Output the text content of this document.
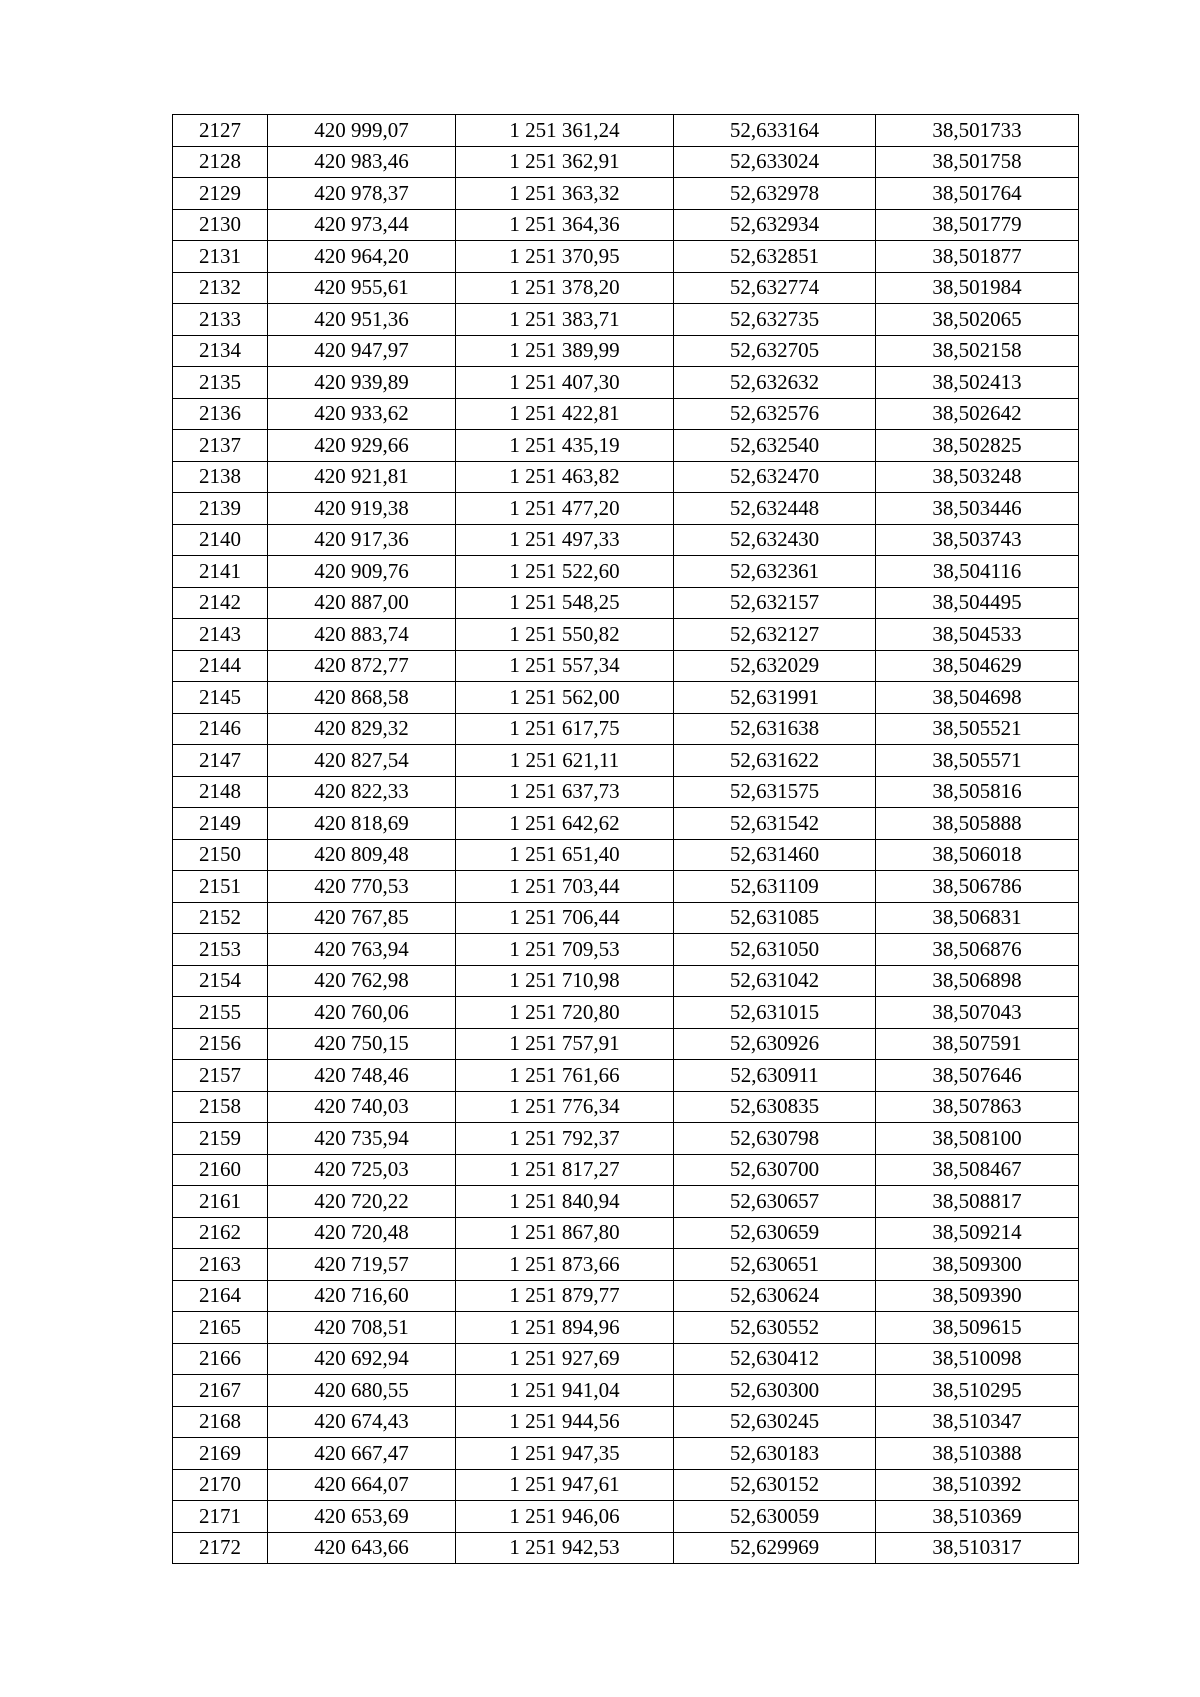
2127	420 999,07	1 251 361,24	52,633164	38,501733
2128	420 983,46	1 251 362,91	52,633024	38,501758
2129	420 978,37	1 251 363,32	52,632978	38,501764
2130	420 973,44	1 251 364,36	52,632934	38,501779
2131	420 964,20	1 251 370,95	52,632851	38,501877
2132	420 955,61	1 251 378,20	52,632774	38,501984
2133	420 951,36	1 251 383,71	52,632735	38,502065
2134	420 947,97	1 251 389,99	52,632705	38,502158
2135	420 939,89	1 251 407,30	52,632632	38,502413
2136	420 933,62	1 251 422,81	52,632576	38,502642
2137	420 929,66	1 251 435,19	52,632540	38,502825
2138	420 921,81	1 251 463,82	52,632470	38,503248
2139	420 919,38	1 251 477,20	52,632448	38,503446
2140	420 917,36	1 251 497,33	52,632430	38,503743
2141	420 909,76	1 251 522,60	52,632361	38,504116
2142	420 887,00	1 251 548,25	52,632157	38,504495
2143	420 883,74	1 251 550,82	52,632127	38,504533
2144	420 872,77	1 251 557,34	52,632029	38,504629
2145	420 868,58	1 251 562,00	52,631991	38,504698
2146	420 829,32	1 251 617,75	52,631638	38,505521
2147	420 827,54	1 251 621,11	52,631622	38,505571
2148	420 822,33	1 251 637,73	52,631575	38,505816
2149	420 818,69	1 251 642,62	52,631542	38,505888
2150	420 809,48	1 251 651,40	52,631460	38,506018
2151	420 770,53	1 251 703,44	52,631109	38,506786
2152	420 767,85	1 251 706,44	52,631085	38,506831
2153	420 763,94	1 251 709,53	52,631050	38,506876
2154	420 762,98	1 251 710,98	52,631042	38,506898
2155	420 760,06	1 251 720,80	52,631015	38,507043
2156	420 750,15	1 251 757,91	52,630926	38,507591
2157	420 748,46	1 251 761,66	52,630911	38,507646
2158	420 740,03	1 251 776,34	52,630835	38,507863
2159	420 735,94	1 251 792,37	52,630798	38,508100
2160	420 725,03	1 251 817,27	52,630700	38,508467
2161	420 720,22	1 251 840,94	52,630657	38,508817
2162	420 720,48	1 251 867,80	52,630659	38,509214
2163	420 719,57	1 251 873,66	52,630651	38,509300
2164	420 716,60	1 251 879,77	52,630624	38,509390
2165	420 708,51	1 251 894,96	52,630552	38,509615
2166	420 692,94	1 251 927,69	52,630412	38,510098
2167	420 680,55	1 251 941,04	52,630300	38,510295
2168	420 674,43	1 251 944,56	52,630245	38,510347
2169	420 667,47	1 251 947,35	52,630183	38,510388
2170	420 664,07	1 251 947,61	52,630152	38,510392
2171	420 653,69	1 251 946,06	52,630059	38,510369
2172	420 643,66	1 251 942,53	52,629969	38,510317
